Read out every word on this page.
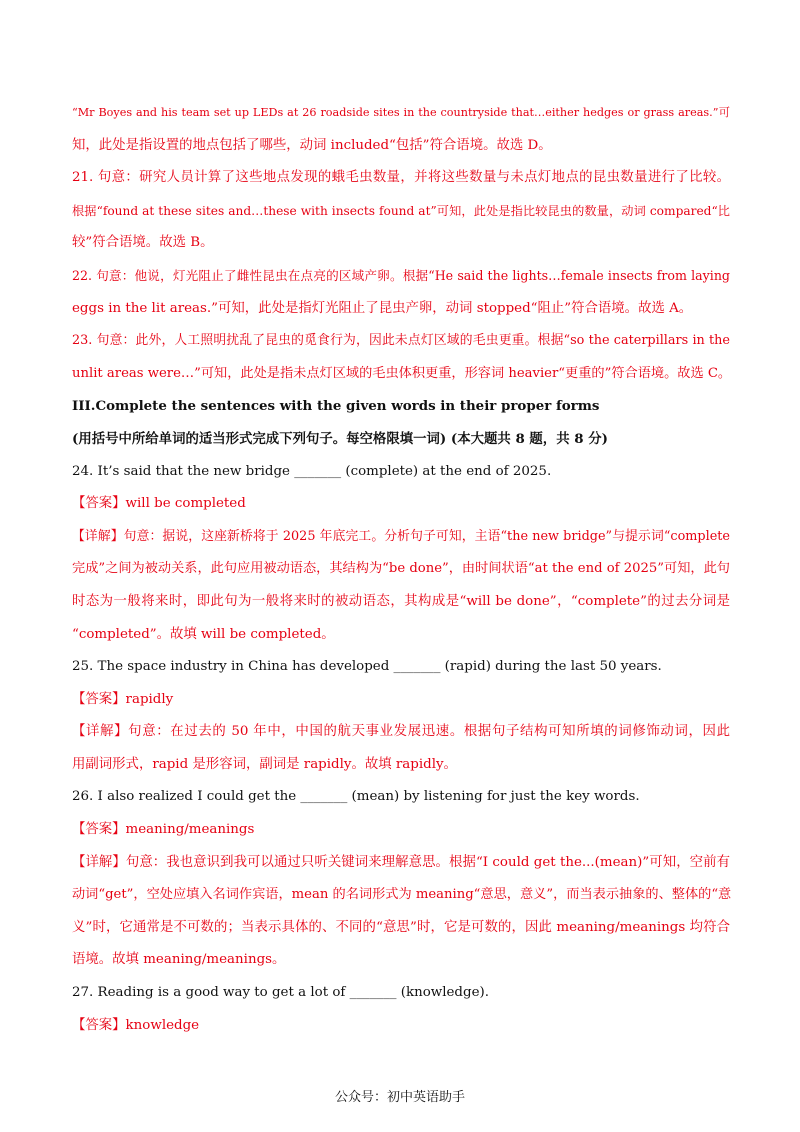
“Mr Boyes and his team set up LEDs at 26 roadside sites in the countryside that…either hedges or grass areas.”可
知，此处是指设置的地点包括了哪些，动词 included“包括”符合语境。故选 D。
21. 句意：研究人员计算了这些地点发现的蛾毛虫数量，并将这些数量与未点灯地点的昆虫数量进行了比较。
根据“found at these sites and…these with insects found at”可知，此处是指比较昆虫的数量，动词 compared“比
较”符合语境。故选 B。
22. 句意：他说，灯光阻止了雌性昆虫在点亮的区域产卵。根据“He said the lights…female insects from laying
eggs in the lit areas.”可知，此处是指灯光阻止了昆虫产卵，动词 stopped“阻止”符合语境。故选 A。
23. 句意：此外，人工照明扰乱了昆虫的觅食行为，因此未点灯区域的毛虫更重。根据“so the caterpillars in the
unlit areas were…”可知，此处是指未点灯区域的毛虫体积更重，形容词 heavier“更重的”符合语境。故选 C。
III.Complete the sentences with the given words in their proper forms
(用括号中所给单词的适当形式完成下列句子。每空格限填一词) (本大题共 8 题，共 8 分)
24. It’s said that the new bridge _______ (complete) at the end of 2025.
【答案】will be completed
【详解】句意：据说，这座新桥将于 2025 年底完工。分析句子可知，主语“the new bridge”与提示词“complete
完成”之间为被动关系，此句应用被动语态，其结构为“be done”，由时间状语“at the end of 2025”可知，此句
时态为一般将来时，即此句为一般将来时的被动语态，其构成是“will be done”，“complete”的过去分词是
“completed”。故填 will be completed。
25. The space industry in China has developed _______ (rapid) during the last 50 years.
【答案】rapidly
【详解】句意：在过去的 50 年中，中国的航天事业发展迅速。根据句子结构可知所填的词修饰动词，因此
用副词形式，rapid 是形容词，副词是 rapidly。故填 rapidly。
26. I also realized I could get the _______ (mean) by listening for just the key words.
【答案】meaning/meanings
【详解】句意：我也意识到我可以通过只听关键词来理解意思。根据“I could get the...(mean)”可知，空前有
动词“get”，空处应填入名词作宾语，mean 的名词形式为 meaning“意思，意义”，而当表示抽象的、整体的“意
义”时，它通常是不可数的；当表示具体的、不同的“意思”时，它是可数的，因此 meaning/meanings 均符合
语境。故填 meaning/meanings。
27. Reading is a good way to get a lot of _______ (knowledge).
【答案】knowledge
公众号：初中英语助手
